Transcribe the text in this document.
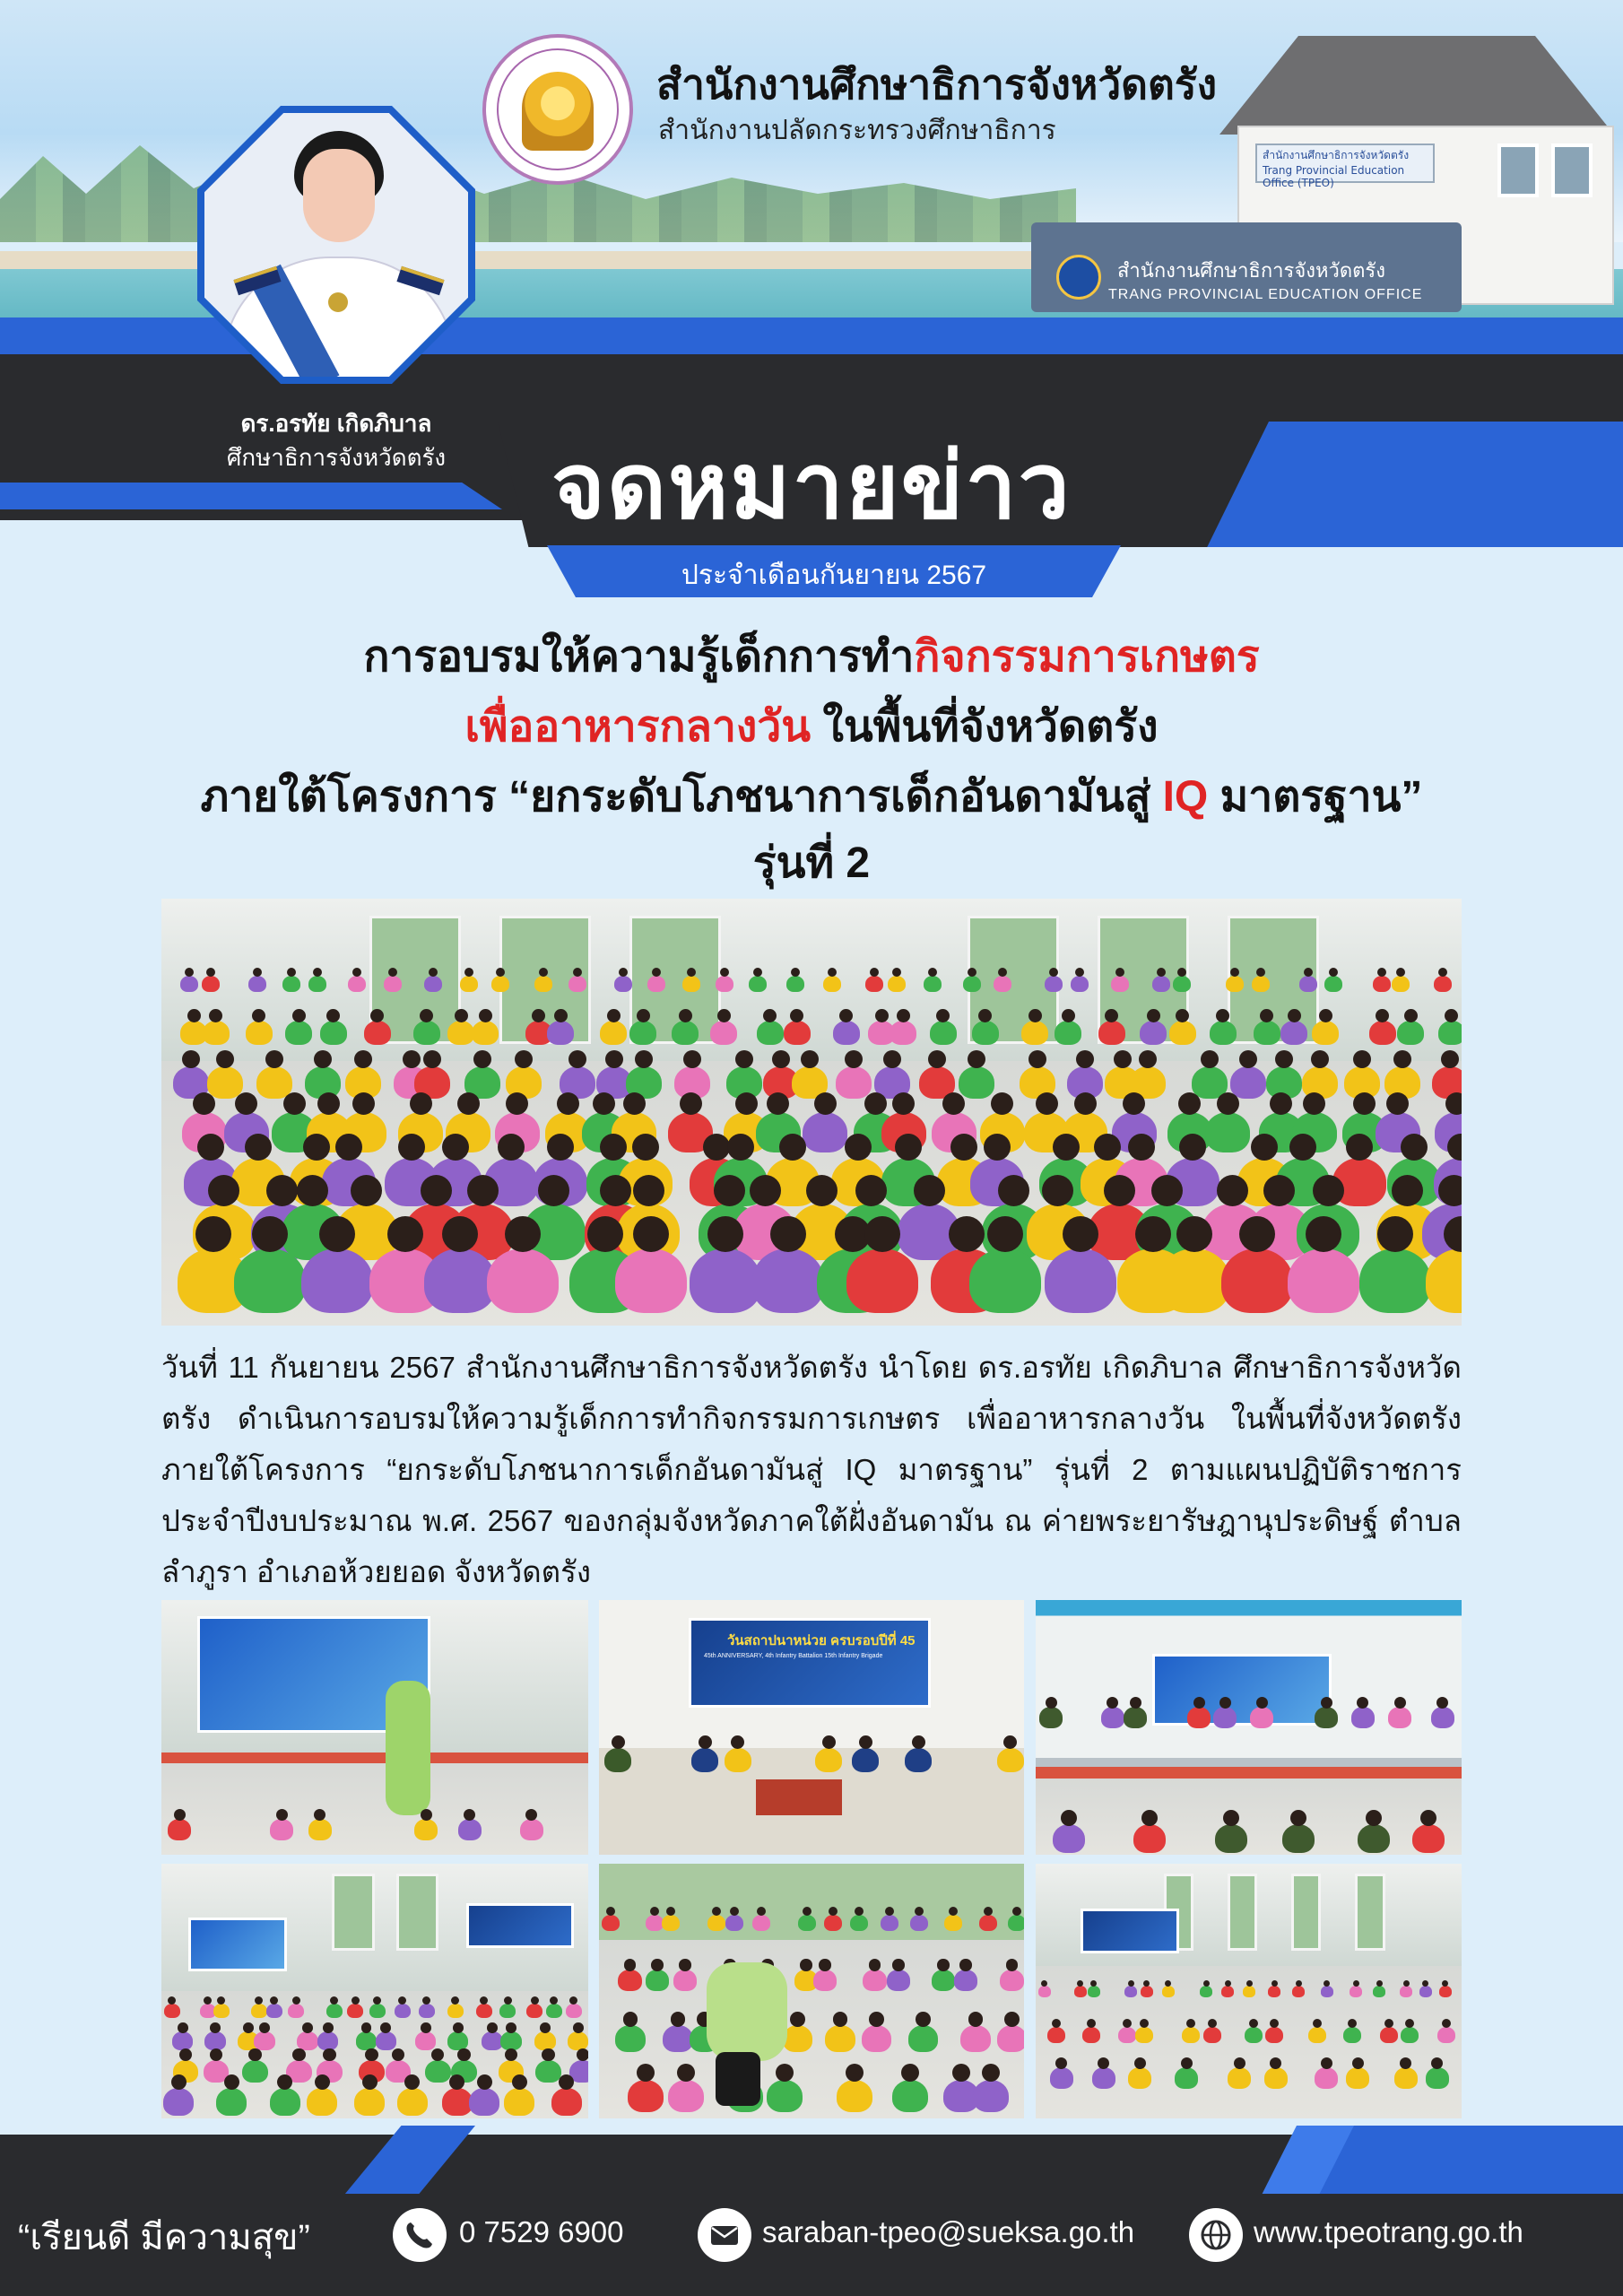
สำนักงานศึกษาธิการจังหวัดตรัง Trang Provincial Education Office (TPEO)
สำนักงานศึกษาธิการจังหวัดตรัง
TRANG PROVINCIAL EDUCATION OFFICE
สำนักงานศึกษาธิการจังหวัดตรัง
สำนักงานปลัดกระทรวงศึกษาธิการ
ดร.อรทัย เกิดภิบาล
ศึกษาธิการจังหวัดตรัง	จดหมายข่าว
ประจำเดือนกันยายน 2567
การอบรมให้ความรู้เด็กการทำกิจกรรมการเกษตร
เพื่ออาหารกลางวัน ในพื้นที่จังหวัดตรัง
ภายใต้โครงการ “ยกระดับโภชนาการเด็กอันดามันสู่ IQ มาตรฐาน”
รุ่นที่ 2
วันที่ 11 กันยายน 2567 สำนักงานศึกษาธิการจังหวัดตรัง นำโดย ดร.อรทัย เกิดภิบาล ศึกษาธิการจังหวัดตรัง ดำเนินการอบรมให้ความรู้เด็กการทำกิจกรรมการเกษตร เพื่ออาหารกลางวัน ในพื้นที่จังหวัดตรัง ภายใต้โครงการ “ยกระดับโภชนาการเด็กอันดามันสู่ IQ มาตรฐาน” รุ่นที่ 2 ตามแผนปฏิบัติราชการประจำปีงบประมาณ พ.ศ. 2567 ของกลุ่มจังหวัดภาคใต้ฝั่งอันดามัน ณ ค่ายพระยารัษฎานุประดิษฐ์ ตำบลลำภูรา อำเภอห้วยยอด จังหวัดตรัง
วันสถาปนาหน่วย ครบรอบปีที่ 45
45th ANNIVERSARY, 4th Infantry Battalion 15th Infantry Brigade
“เรียนดี มีความสุข”	0 7529 6900	saraban-tpeo@sueksa.go.th	www.tpeotrang.go.th
